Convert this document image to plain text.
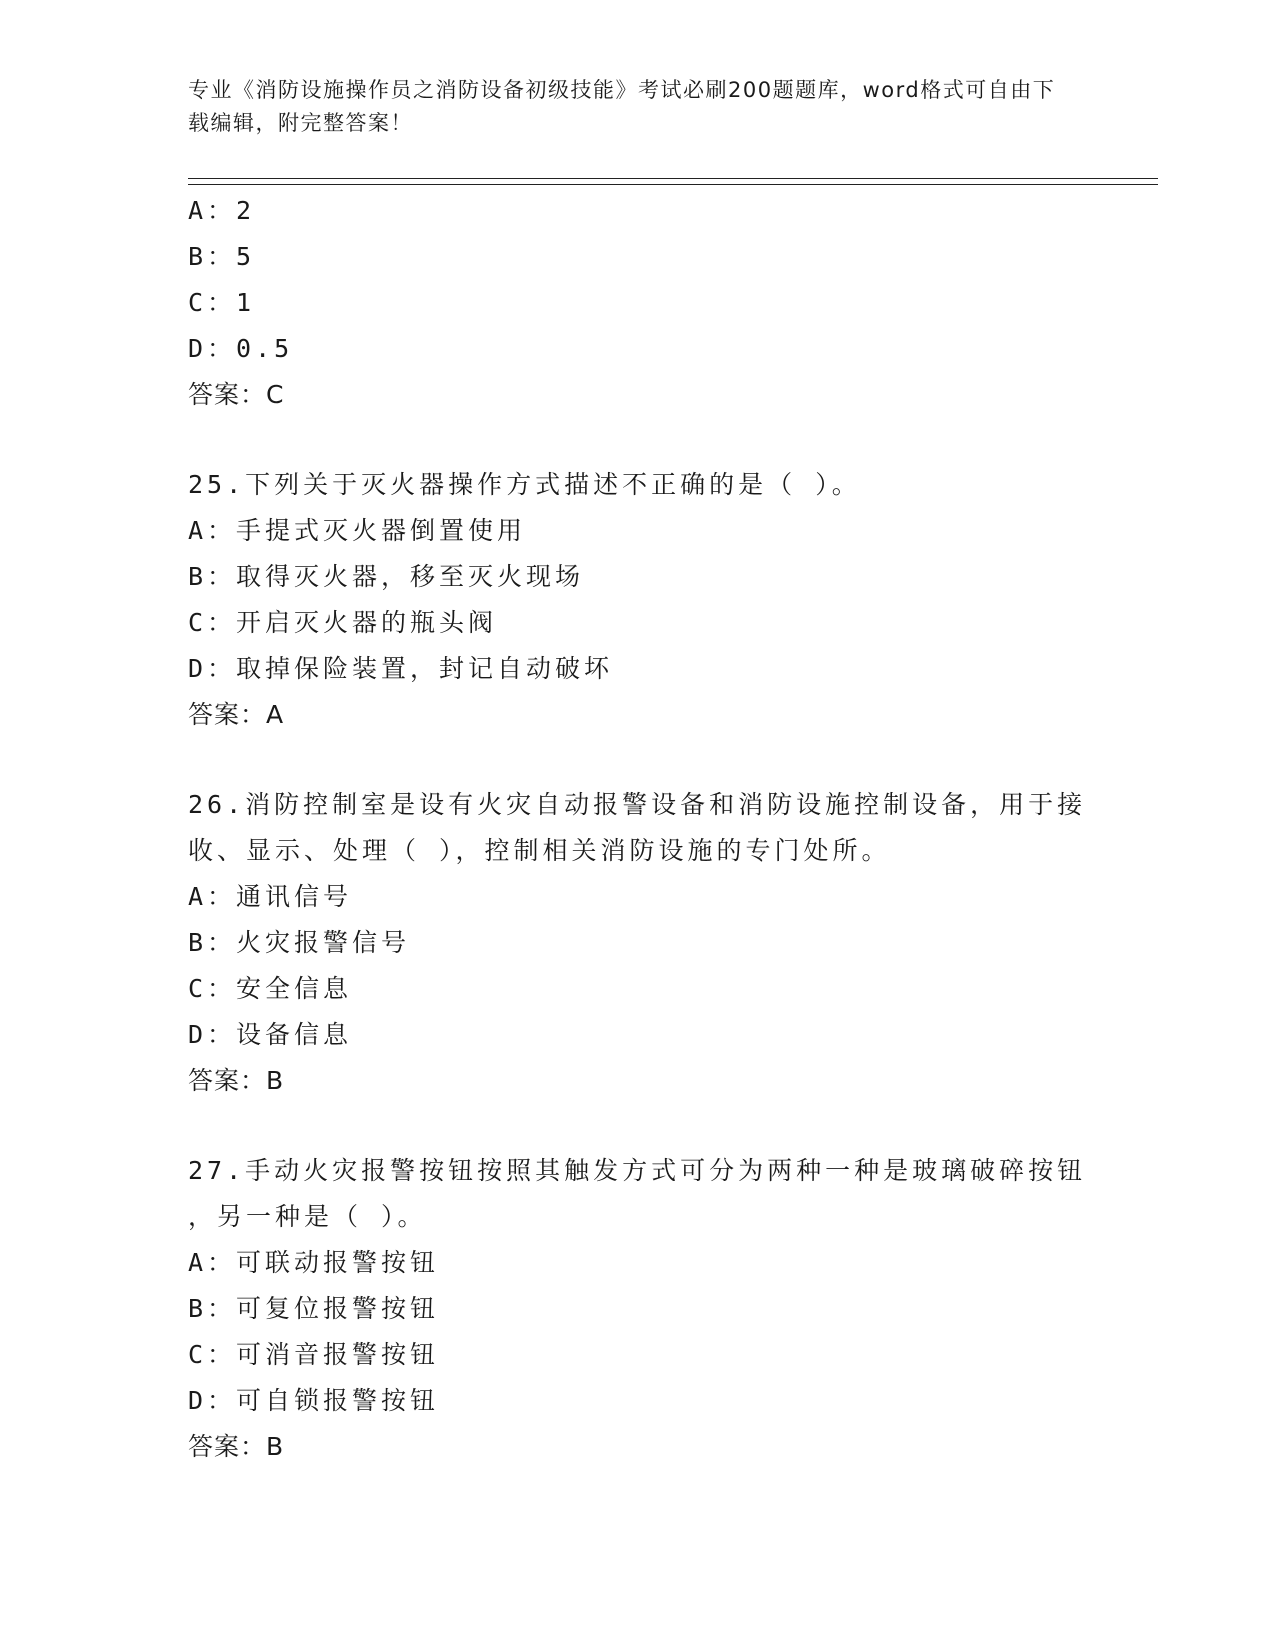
专业《消防设施操作员之消防设备初级技能》考试必刷200题题库，word格式可自由下载编辑，附完整答案！
A：2
B：5
C：1
D：0.5
答案：C
25.下列关于灭火器操作方式描述不正确的是（ ）。
A：手提式灭火器倒置使用
B：取得灭火器，移至灭火现场
C：开启灭火器的瓶头阀
D：取掉保险装置，封记自动破坏
答案：A
26.消防控制室是设有火灾自动报警设备和消防设施控制设备，用于接
收、显示、处理（ ），控制相关消防设施的专门处所。
A：通讯信号
B：火灾报警信号
C：安全信息
D：设备信息
答案：B
27.手动火灾报警按钮按照其触发方式可分为两种一种是玻璃破碎按钮
，另一种是（ ）。
A：可联动报警按钮
B：可复位报警按钮
C：可消音报警按钮
D：可自锁报警按钮
答案：B
